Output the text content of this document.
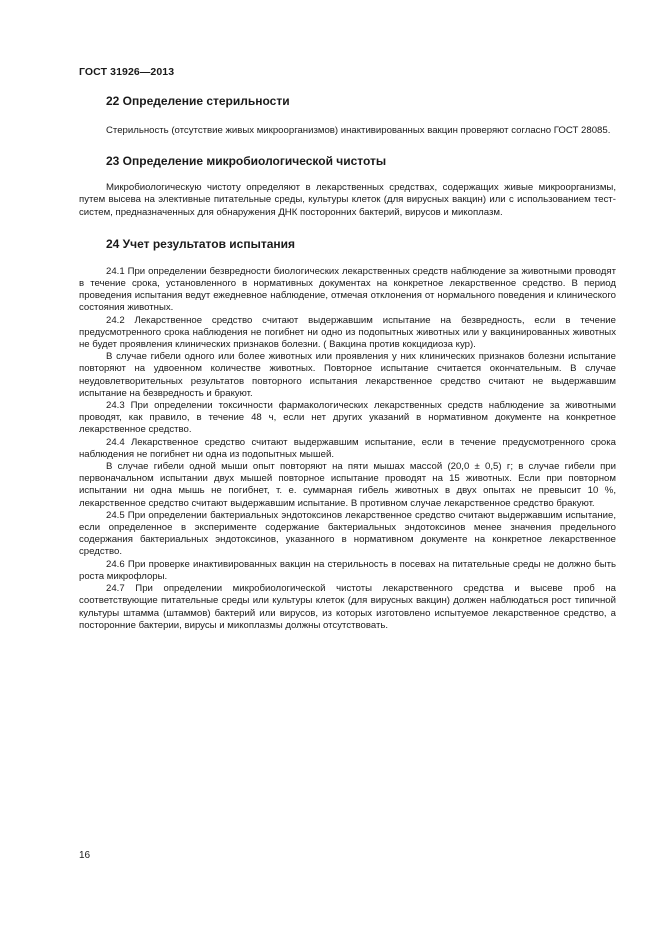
ГОСТ 31926—2013
22 Определение стерильности

Стерильность (отсутствие живых микроорганизмов) инактивированных вакцин проверяют согласно ГОСТ 28085.

23 Определение микробиологической чистоты

Микробиологическую чистоту определяют в лекарственных средствах, содержащих живые микроорганизмы, путем высева на элективные питательные среды, культуры клеток (для вирусных вакцин) или с использованием тест-систем, предназначенных для обнаружения ДНК посторонних бактерий, вирусов и микоплазм.

24 Учет результатов испытания

24.1 При определении безвредности биологических лекарственных средств наблюдение за животными проводят в течение срока, установленного в нормативных документах на конкретное лекарственное средство. В период проведения испытания ведут ежедневное наблюдение, отмечая отклонения от нормального поведения и клинического состояния животных.

24.2 Лекарственное средство считают выдержавшим испытание на безвредность, если в течение предусмотренного срока наблюдения не погибнет ни одно из подопытных животных или у вакцинированных животных не будет проявления клинических признаков болезни. ( Вакцина против кокцидиоза кур).

В случае гибели одного или более животных или проявления у них клинических признаков болезни испытание повторяют на удвоенном количестве животных. Повторное испытание считается окончательным. В случае неудовлетворительных результатов повторного испытания лекарственное средство считают не выдержавшим испытание на безвредность и бракуют.

24.3 При определении токсичности фармакологических лекарственных средств наблюдение за животными проводят, как правило, в течение 48 ч, если нет других указаний в нормативном документе на конкретное лекарственное средство.

24.4 Лекарственное средство считают выдержавшим испытание, если в течение предусмотренного срока наблюдения не погибнет ни одна из подопытных мышей.

В случае гибели одной мыши опыт повторяют на пяти мышах массой (20,0 ± 0,5) г; в случае гибели при первоначальном испытании двух мышей повторное испытание проводят на 15 животных. Если при повторном испытании ни одна мышь не погибнет, т. е. суммарная гибель животных в двух опытах не превысит 10 %, лекарственное средство считают выдержавшим испытание. В противном случае лекарственное средство бракуют.

24.5 При определении бактериальных эндотоксинов лекарственное средство считают выдержавшим испытание, если определенное в эксперименте содержание бактериальных эндотоксинов менее значения предельного содержания бактериальных эндотоксинов, указанного в нормативном документе на конкретное лекарственное средство.

24.6 При проверке инактивированных вакцин на стерильность в посевах на питательные среды не должно быть роста микрофлоры.

24.7 При определении микробиологической чистоты лекарственного средства и высеве проб на соответствующие питательные среды или культуры клеток (для вирусных вакцин) должен наблюдаться рост типичной культуры штамма (штаммов) бактерий или вирусов, из которых изготовлено испытуемое лекарственное средство, а посторонние бактерии, вирусы и микоплазмы должны отсутствовать.

16
